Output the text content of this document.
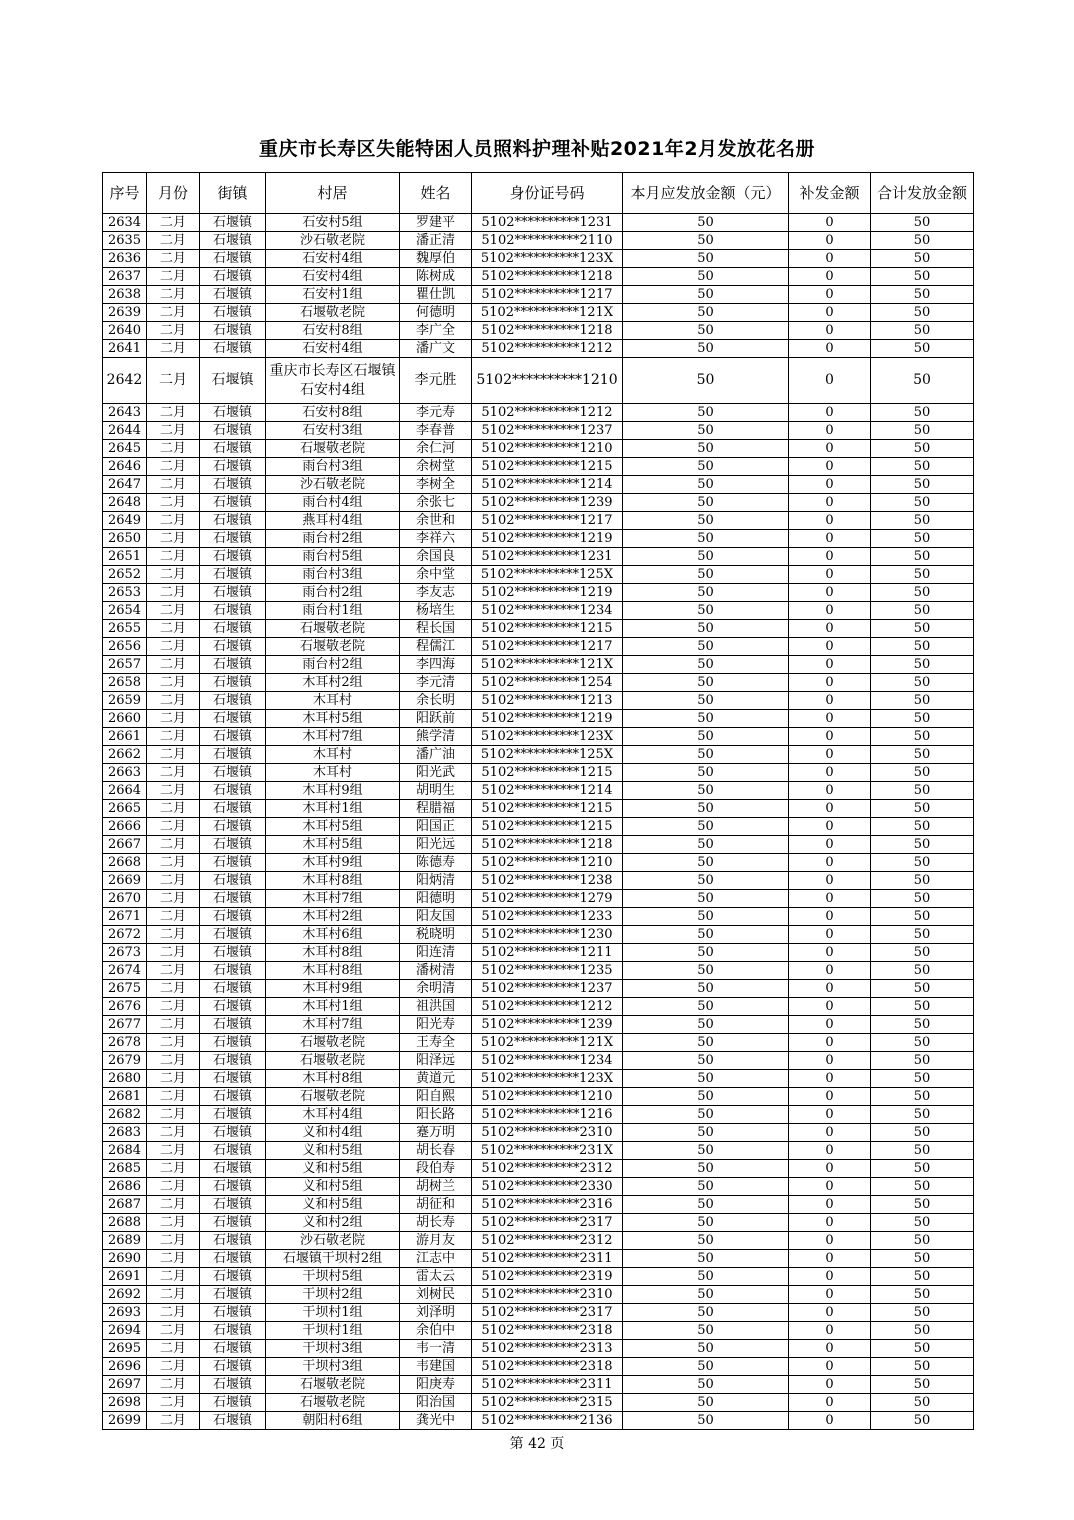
重庆市长寿区失能特困人员照料护理补贴2021年2月发放花名册
序号	月份	街镇	村居	姓名	身份证号码	本月应发放金额（元）	补发金额	合计发放金额
2634	二月	石堰镇	石安村5组	罗建平	5102**********1231	50	0	50
2635	二月	石堰镇	沙石敬老院	潘正清	5102**********2110	50	0	50
2636	二月	石堰镇	石安村4组	魏厚伯	5102**********123X	50	0	50
2637	二月	石堰镇	石安村4组	陈树成	5102**********1218	50	0	50
2638	二月	石堰镇	石安村1组	瞿仕凯	5102**********1217	50	0	50
2639	二月	石堰镇	石堰敬老院	何德明	5102**********121X	50	0	50
2640	二月	石堰镇	石安村8组	李广全	5102**********1218	50	0	50
2641	二月	石堰镇	石安村4组	潘广文	5102**********1212	50	0	50
2642	二月	石堰镇	重庆市长寿区石堰镇石安村4组	李元胜	5102**********1210	50	0	50
2643	二月	石堰镇	石安村8组	李元寿	5102**********1212	50	0	50
2644	二月	石堰镇	石安村3组	李春普	5102**********1237	50	0	50
2645	二月	石堰镇	石堰敬老院	余仁河	5102**********1210	50	0	50
2646	二月	石堰镇	雨台村3组	余树堂	5102**********1215	50	0	50
2647	二月	石堰镇	沙石敬老院	李树全	5102**********1214	50	0	50
2648	二月	石堰镇	雨台村4组	余张七	5102**********1239	50	0	50
2649	二月	石堰镇	燕耳村4组	余世和	5102**********1217	50	0	50
2650	二月	石堰镇	雨台村2组	李祥六	5102**********1219	50	0	50
2651	二月	石堰镇	雨台村5组	余国良	5102**********1231	50	0	50
2652	二月	石堰镇	雨台村3组	余中堂	5102**********125X	50	0	50
2653	二月	石堰镇	雨台村2组	李友志	5102**********1219	50	0	50
2654	二月	石堰镇	雨台村1组	杨培生	5102**********1234	50	0	50
2655	二月	石堰镇	石堰敬老院	程长国	5102**********1215	50	0	50
2656	二月	石堰镇	石堰敬老院	程儒江	5102**********1217	50	0	50
2657	二月	石堰镇	雨台村2组	李四海	5102**********121X	50	0	50
2658	二月	石堰镇	木耳村2组	李元清	5102**********1254	50	0	50
2659	二月	石堰镇	木耳村	余长明	5102**********1213	50	0	50
2660	二月	石堰镇	木耳村5组	阳跃前	5102**********1219	50	0	50
2661	二月	石堰镇	木耳村7组	熊学清	5102**********123X	50	0	50
2662	二月	石堰镇	木耳村	潘广油	5102**********125X	50	0	50
2663	二月	石堰镇	木耳村	阳光武	5102**********1215	50	0	50
2664	二月	石堰镇	木耳村9组	胡明生	5102**********1214	50	0	50
2665	二月	石堰镇	木耳村1组	程腊福	5102**********1215	50	0	50
2666	二月	石堰镇	木耳村5组	阳国正	5102**********1215	50	0	50
2667	二月	石堰镇	木耳村5组	阳光远	5102**********1218	50	0	50
2668	二月	石堰镇	木耳村9组	陈德寿	5102**********1210	50	0	50
2669	二月	石堰镇	木耳村8组	阳炳清	5102**********1238	50	0	50
2670	二月	石堰镇	木耳村7组	阳德明	5102**********1279	50	0	50
2671	二月	石堰镇	木耳村2组	阳友国	5102**********1233	50	0	50
2672	二月	石堰镇	木耳村6组	税晓明	5102**********1230	50	0	50
2673	二月	石堰镇	木耳村8组	阳连清	5102**********1211	50	0	50
2674	二月	石堰镇	木耳村8组	潘树清	5102**********1235	50	0	50
2675	二月	石堰镇	木耳村9组	余明清	5102**********1237	50	0	50
2676	二月	石堰镇	木耳村1组	祖洪国	5102**********1212	50	0	50
2677	二月	石堰镇	木耳村7组	阳光寿	5102**********1239	50	0	50
2678	二月	石堰镇	石堰敬老院	王寿全	5102**********121X	50	0	50
2679	二月	石堰镇	石堰敬老院	阳泽远	5102**********1234	50	0	50
2680	二月	石堰镇	木耳村8组	黄道元	5102**********123X	50	0	50
2681	二月	石堰镇	石堰敬老院	阳自熙	5102**********1210	50	0	50
2682	二月	石堰镇	木耳村4组	阳长路	5102**********1216	50	0	50
2683	二月	石堰镇	义和村4组	蹇万明	5102**********2310	50	0	50
2684	二月	石堰镇	义和村5组	胡长春	5102**********231X	50	0	50
2685	二月	石堰镇	义和村5组	段伯寿	5102**********2312	50	0	50
2686	二月	石堰镇	义和村5组	胡树兰	5102**********2330	50	0	50
2687	二月	石堰镇	义和村5组	胡征和	5102**********2316	50	0	50
2688	二月	石堰镇	义和村2组	胡长寿	5102**********2317	50	0	50
2689	二月	石堰镇	沙石敬老院	游月友	5102**********2312	50	0	50
2690	二月	石堰镇	石堰镇干坝村2组	江志中	5102**********2311	50	0	50
2691	二月	石堰镇	干坝村5组	雷太云	5102**********2319	50	0	50
2692	二月	石堰镇	干坝村2组	刘树民	5102**********2310	50	0	50
2693	二月	石堰镇	干坝村1组	刘泽明	5102**********2317	50	0	50
2694	二月	石堰镇	干坝村1组	余伯中	5102**********2318	50	0	50
2695	二月	石堰镇	干坝村3组	韦一清	5102**********2313	50	0	50
2696	二月	石堰镇	干坝村3组	韦建国	5102**********2318	50	0	50
2697	二月	石堰镇	石堰敬老院	阳庚寿	5102**********2311	50	0	50
2698	二月	石堰镇	石堰敬老院	阳治国	5102**********2315	50	0	50
2699	二月	石堰镇	朝阳村6组	龚光中	5102**********2136	50	0	50
第 42 页
